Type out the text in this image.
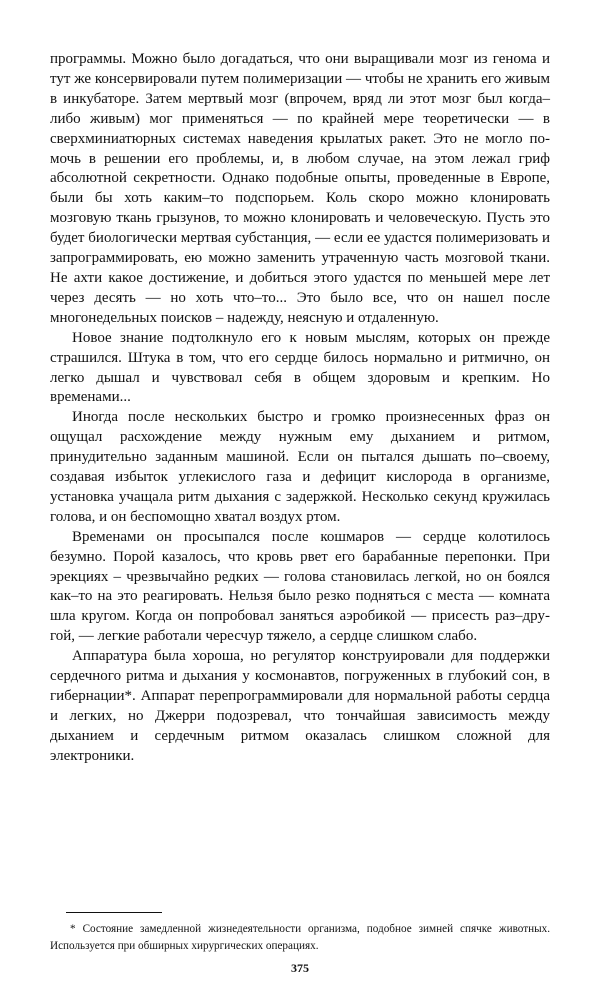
программы. Можно было догадаться, что они выращивали мозг из генома и тут же консервировали путем полимеризации — чтобы не хранить его живым в инкубаторе. Затем мертвый мозг (впрочем, вряд ли этот мозг был когда–либо живым) мог применяться — по крайней мере теоретически — в сверхминиатюрных системах наведения крылатых ракет. Это не могло помочь в решении его проблемы, и, в любом случае, на этом лежал гриф абсолютной секретности. Однако подобные опыты, проведенные в Европе, были бы хоть каким–то подспорьем. Коль скоро можно клонировать мозговую ткань грызунов, то можно клонировать и человеческую. Пусть это будет биологически мертвая субстанция, — если ее удастся полимеризовать и запрограммировать, ею можно заменить утраченную часть мозговой ткани. Не ахти какое достижение, и добиться этого удастся по меньшей мере лет через десять — но хоть что–то... Это было все, что он нашел после многонедельных поисков – надежду, неясную и отдаленную.

Новое знание подтолкнуло его к новым мыслям, которых он прежде страшился. Штука в том, что его сердце билось нормально и ритмично, он легко дышал и чувствовал себя в общем здоровым и крепким. Но временами...

Иногда после нескольких быстро и громко произнесенных фраз он ощущал расхождение между нужным ему дыханием и ритмом, принудительно заданным машиной. Если он пытался дышать по–своему, создавая избыток углекислого газа и дефицит кислорода в организме, установка учащала ритм дыхания с задержкой. Несколько секунд кружилась голова, и он беспомощно хватал воздух ртом.

Временами он просыпался после кошмаров — сердце колотилось безумно. Порой казалось, что кровь рвет его барабанные перепонки. При эрекциях – чрезвычайно редких — голова становилась легкой, но он боялся как–то на это реагировать. Нельзя было резко подняться с места — комната шла кругом. Когда он попробовал заняться аэробикой — присесть раз–другой, — легкие работали чересчур тяжело, а сердце слишком слабо.

Аппаратура была хороша, но регулятор конструировали для поддержки сердечного ритма и дыхания у космонавтов, погруженных в глубокий сон, в гибернации*. Аппарат перепрограммировали для нормальной работы сердца и легких, но Джерри подозревал, что тончайшая зависимость между дыханием и сердечным ритмом оказалась слишком сложной для электроники.

* Состояние замедленной жизнедеятельности организма, подобное зимней спячке животных. Используется при обширных хирургических операциях.
375
